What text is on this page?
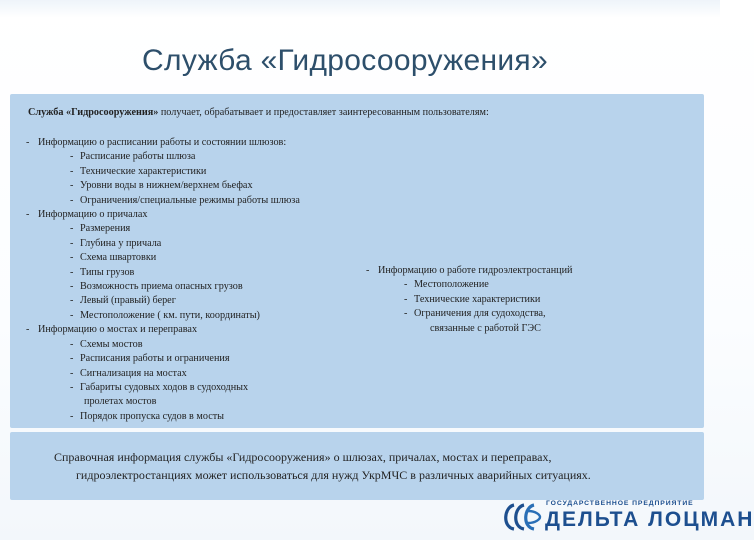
Служба «Гидросооружения»
Служба «Гидросооружения» получает, обрабатывает и предоставляет заинтересованным пользователям:
- Информацию о расписании работы и состоянии шлюзов:
- Расписание работы шлюза
- Технические характеристики
- Уровни воды в нижнем/верхнем бьефах
- Ограничения/специальные режимы работы шлюза
- Информацию о причалах
- Размерения
- Глубина у причала
- Схема швартовки
- Типы грузов
- Возможность приема опасных грузов
- Левый (правый) берег
- Местоположение ( км. пути, координаты)
- Информацию о мостах и переправах
- Схемы мостов
- Расписания работы и ограничения
- Сигнализация на мостах
- Габариты судовых ходов в судоходных
пролетах мостов
- Порядок пропуска судов в мосты
- Информацию о работе гидроэлектростанций
- Местоположение
- Технические характеристики
- Ограничения для судоходства,
связанные с работой ГЭС
Справочная информация службы «Гидросооружения» о шлюзах, причалах, мостах и переправах,
гидроэлектростанциях может использоваться для нужд УкрМЧС в различных аварийных ситуациях.
ГОСУДАРСТВЕННОЕ ПРЕДПРИЯТИЕ
ДЕЛЬТА ЛОЦМАН
